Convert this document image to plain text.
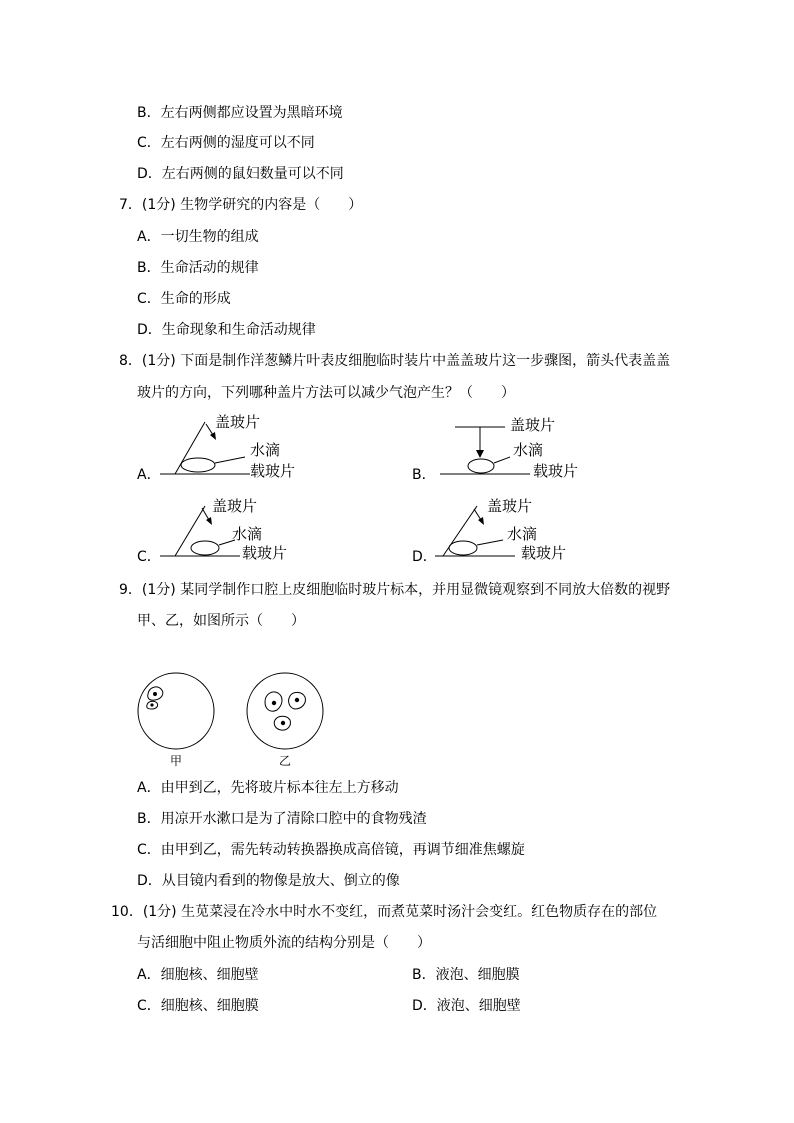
B．左右两侧都应设置为黑暗环境
C．左右两侧的湿度可以不同
D．左右两侧的鼠妇数量可以不同
7．(1分) 生物学研究的内容是（　　）
A．一切生物的组成
B．生命活动的规律
C．生命的形成
D．生命现象和生命活动规律
8．(1分) 下面是制作洋葱鳞片叶表皮细胞临时装片中盖盖玻片这一步骤图，箭头代表盖盖
玻片的方向，下列哪种盖片方法可以减少气泡产生？（　　）
A．
盖玻片
水滴
载玻片	B．
盖玻片
水滴
载玻片
C．
盖玻片
水滴
载玻片	D．
盖玻片
水滴
载玻片
9．(1分) 某同学制作口腔上皮细胞临时玻片标本，并用显微镜观察到不同放大倍数的视野
甲、乙，如图所示（　　）
甲	乙
A．由甲到乙，先将玻片标本往左上方移动
B．用凉开水漱口是为了清除口腔中的食物残渣
C．由甲到乙，需先转动转换器换成高倍镜，再调节细准焦螺旋
D．从目镜内看到的物像是放大、倒立的像
10．(1分) 生苋菜浸在冷水中时水不变红，而煮苋菜时汤汁会变红。红色物质存在的部位
与活细胞中阻止物质外流的结构分别是（　　）
A．细胞核、细胞壁	B．液泡、细胞膜
C．细胞核、细胞膜	D．液泡、细胞壁
